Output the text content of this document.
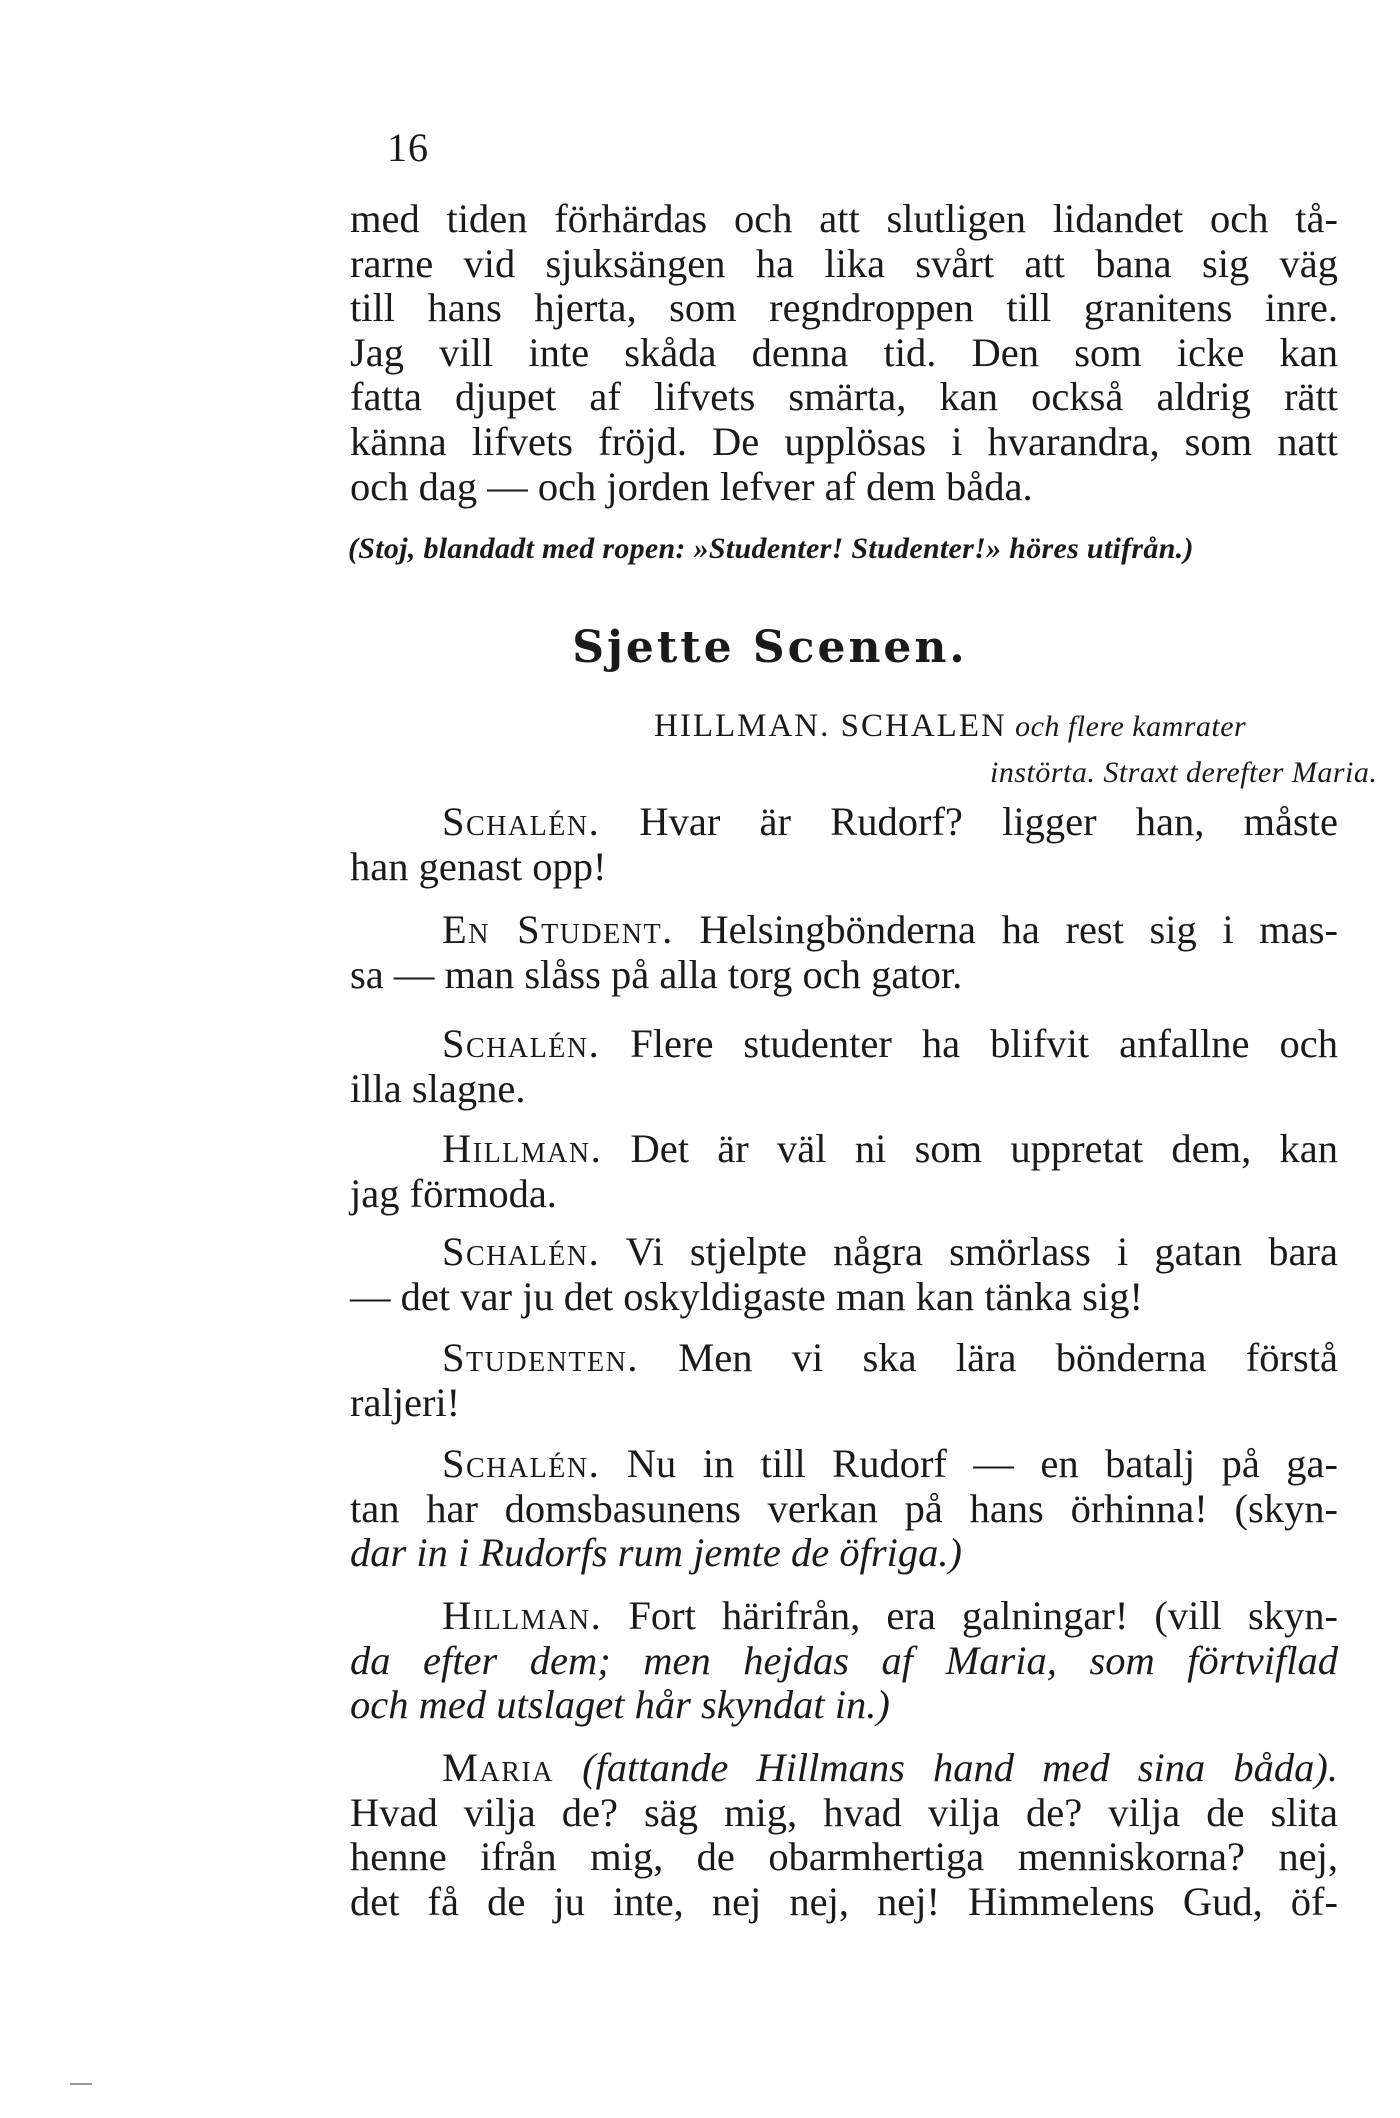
16
med tiden förhärdas och att slutligen lidandet och tå-
rarne vid sjuksängen ha lika svårt att bana sig väg
till hans hjerta, som regndroppen till granitens inre.
Jag vill inte skåda denna tid. Den som icke kan
fatta djupet af lifvets smärta, kan också aldrig rätt
känna lifvets fröjd. De upplösas i hvarandra, som natt
och dag — och jorden lefver af dem båda.
(Stoj, blandadt med ropen: »Studenter! Studenter!» höres utifrån.)
Sjette Scenen.
HILLMAN. SCHALEN och flere kamrater
instörta. Straxt derefter Maria.
Schalén. Hvar är Rudorf? ligger han, måste
han genast opp!
En Student. Helsingbönderna ha rest sig i mas-
sa — man slåss på alla torg och gator.
Schalén. Flere studenter ha blifvit anfallne och
illa slagne.
Hillman. Det är väl ni som uppretat dem, kan
jag förmoda.
Schalén. Vi stjelpte några smörlass i gatan bara
— det var ju det oskyldigaste man kan tänka sig!
Studenten. Men vi ska lära bönderna förstå
raljeri!
Schalén. Nu in till Rudorf — en batalj på ga-
tan har domsbasunens verkan på hans örhinna! (skyn-
dar in i Rudorfs rum jemte de öfriga.)
Hillman. Fort härifrån, era galningar! (vill skyn-
da efter dem; men hejdas af Maria, som förtviflad
och med utslaget hår skyndat in.)
Maria (fattande Hillmans hand med sina båda).
Hvad vilja de? säg mig, hvad vilja de? vilja de slita
henne ifrån mig, de obarmhertiga menniskorna? nej,
det få de ju inte, nej nej, nej! Himmelens Gud, öf-
